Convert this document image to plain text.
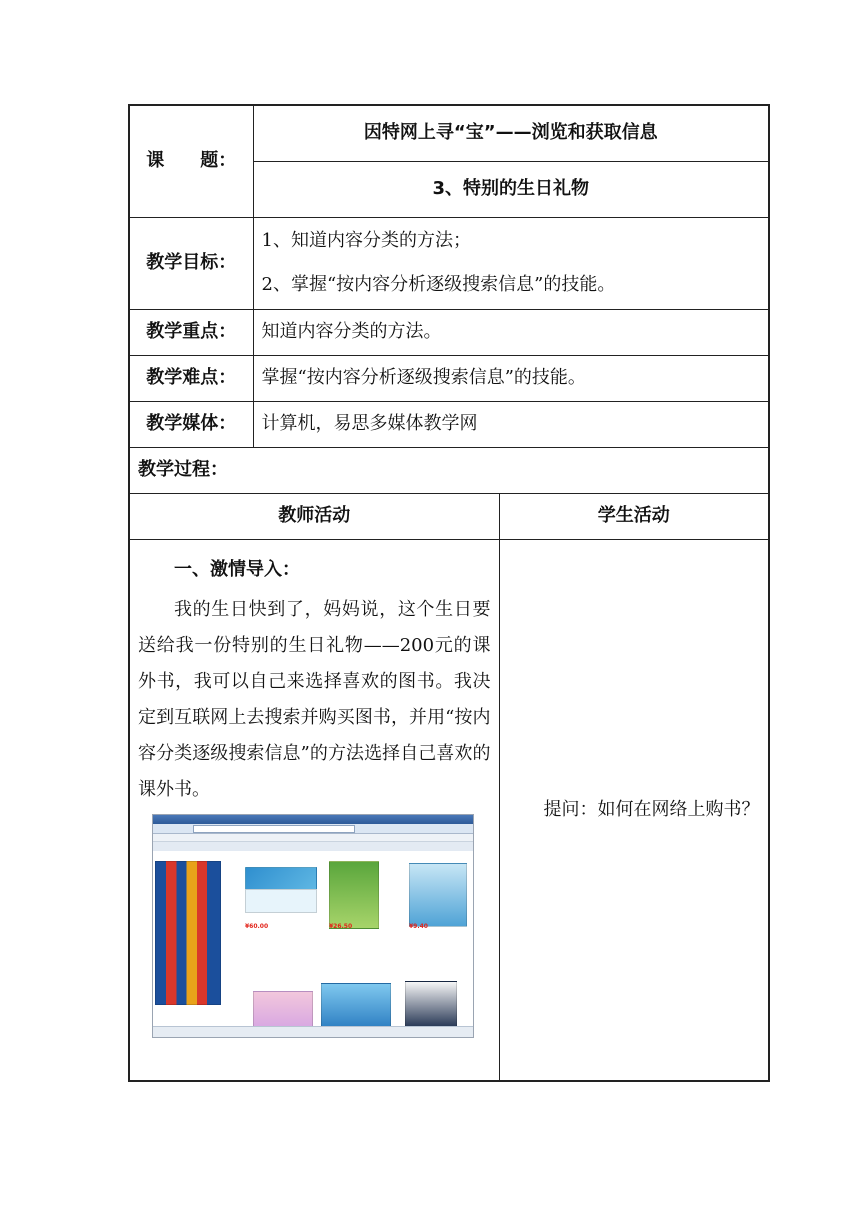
课　　题：	因特网上寻“宝”——浏览和获取信息	
	3、特别的生日礼物	
教学目标：	1、知道内容分类的方法；
2、掌握“按内容分析逐级搜索信息”的技能。	

教学重点：	知道内容分类的方法。	
教学难点：	掌握“按内容分析逐级搜索信息”的技能。	
教学媒体：	计算机，易思多媒体教学网	
教学过程：		
教师活动		学生活动

一、激情导入：

我的生日快到了，妈妈说，这个生日要送给我一份特别的生日礼物——200元的课外书，我可以自己来选择喜欢的图书。我决定到互联网上去搜索并购买图书，并用“按内容分类逐级搜索信息”的方法选择自己喜欢的课外书。

¥60.00 ¥26.50 ¥9.40		提问：如何在网络上购书？
